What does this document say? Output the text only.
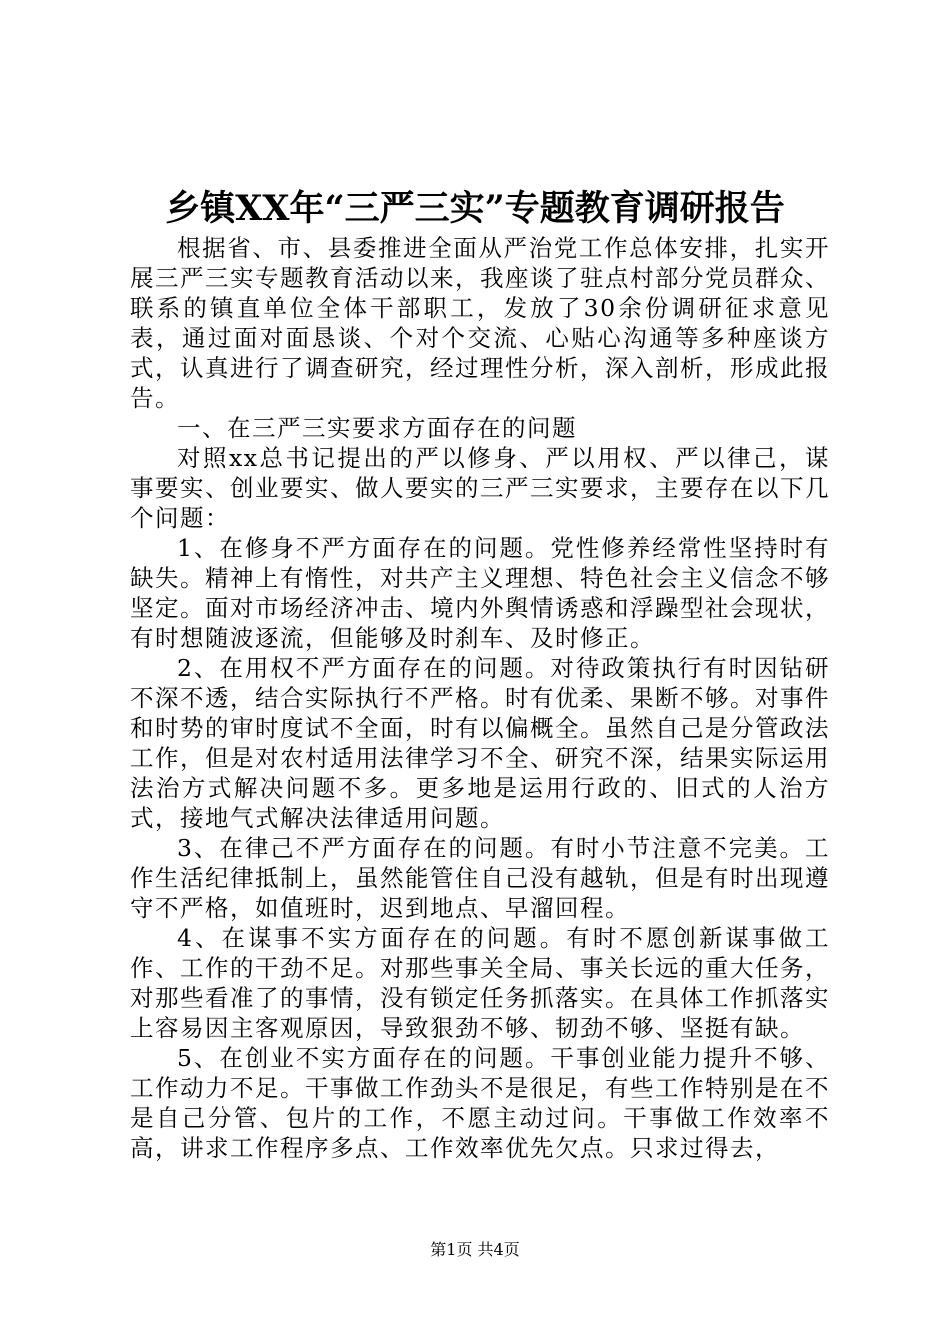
乡镇XX年“三严三实”专题教育调研报告

根据省、市、县委推进全面从严治党工作总体安排，扎实开展三严三实专题教育活动以来，我座谈了驻点村部分党员群众、联系的镇直单位全体干部职工，发放了30余份调研征求意见表，通过面对面恳谈、个对个交流、心贴心沟通等多种座谈方式，认真进行了调查研究，经过理性分析，深入剖析，形成此报告。

一、在三严三实要求方面存在的问题

对照xx总书记提出的严以修身、严以用权、严以律己，谋事要实、创业要实、做人要实的三严三实要求，主要存在以下几个问题：

1、在修身不严方面存在的问题。党性修养经常性坚持时有缺失。精神上有惰性，对共产主义理想、特色社会主义信念不够坚定。面对市场经济冲击、境内外舆情诱惑和浮躁型社会现状，有时想随波逐流，但能够及时刹车、及时修正。

2、在用权不严方面存在的问题。对待政策执行有时因钻研不深不透，结合实际执行不严格。时有优柔、果断不够。对事件和时势的审时度试不全面，时有以偏概全。虽然自己是分管政法工作，但是对农村适用法律学习不全、研究不深，结果实际运用法治方式解决问题不多。更多地是运用行政的、旧式的人治方式，接地气式解决法律适用问题。

3、在律己不严方面存在的问题。有时小节注意不完美。工作生活纪律抵制上，虽然能管住自己没有越轨，但是有时出现遵守不严格，如值班时，迟到地点、早溜回程。

4、在谋事不实方面存在的问题。有时不愿创新谋事做工作、工作的干劲不足。对那些事关全局、事关长远的重大任务，对那些看准了的事情，没有锁定任务抓落实。在具体工作抓落实上容易因主客观原因，导致狠劲不够、韧劲不够、坚挺有缺。

5、在创业不实方面存在的问题。干事创业能力提升不够、工作动力不足。干事做工作劲头不是很足，有些工作特别是在不是自己分管、包片的工作，不愿主动过问。干事做工作效率不高，讲求工作程序多点、工作效率优先欠点。只求过得去，

第1页 共4页
